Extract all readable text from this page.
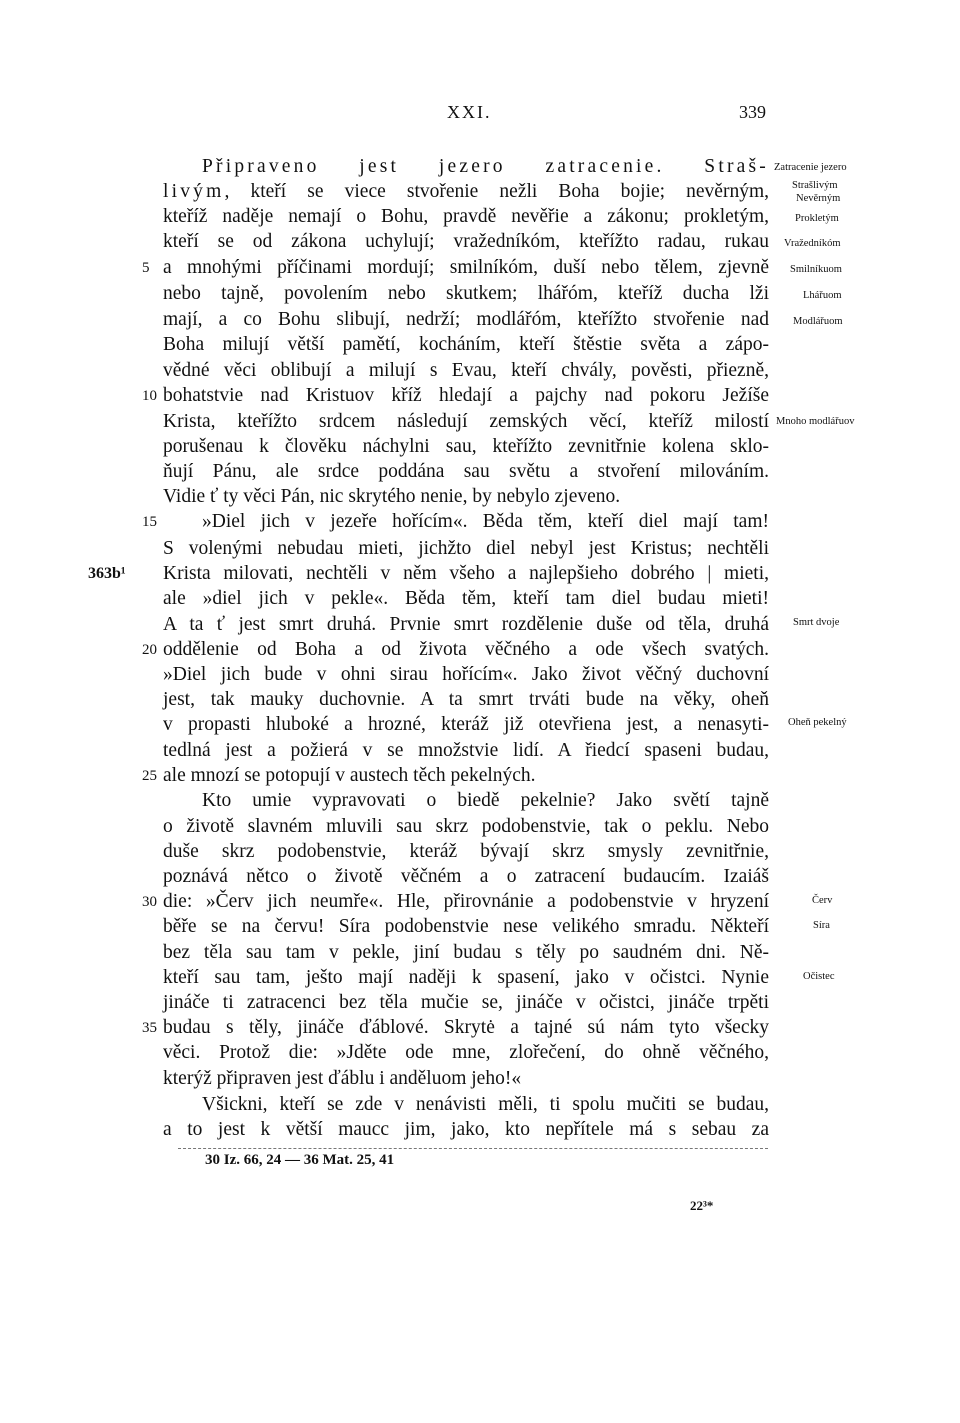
XXI.	339
Připraveno jest jezero zatracenie. Straš-
livým, kteří se viece stvořenie nežli Boha bojie; nevěrným,
kteříž naděje nemají o Bohu, pravdě nevěřie a zákonu; prokletým,
kteří se od zákona uchylují; vražedníkóm, kteřížto radau, rukau
a mnohými příčinami mordují; smilníkóm, duší nebo tělem, zjevně
nebo tajně, povolením nebo skutkem; lhářóm, kteříž ducha lži
mají, a co Bohu slibují, nedrží; modlářóm, kteřížto stvořenie nad
Boha milují větší pamětí, kocháním, kteří štěstie světa a zápo-
vědné věci oblibují a milují s Evau, kteří chvály, pověsti, přiezně,
bohatstvie nad Kristuov kříž hledají a pajchy nad pokoru Ježíše
Krista, kteřížto srdcem následují zemských věcí, kteříž milostí
porušenau k člověku náchylni sau, kteřížto zevnitřnie kolena sklo-
ňují Pánu, ale srdce poddána sau světu a stvoření milováním.
Vidie ť ty věci Pán, nic skrytého nenie, by nebylo zjeveno.
»Diel jich v jezeře hořícím«. Běda těm, kteří diel mají tam!
S volenými nebudau mieti, jichžto diel nebyl jest Kristus; nechtěli
Krista milovati, nechtěli v něm všeho a najlepšieho dobrého | mieti,
ale »diel jich v pekle«. Běda těm, kteří tam diel budau mieti!
A ta ť jest smrt druhá. Prvnie smrt rozdělenie duše od těla, druhá
oddělenie od Boha a od života věčného a ode všech svatých.
»Diel jich bude v ohni sirau hořícím«. Jako život věčný duchovní
jest, tak mauky duchovnie. A ta smrt trváti bude na věky, oheň
v propasti hluboké a hrozné, kteráž již otevřiena jest, a nenasyti-
tedlná jest a požierá v se množstvie lidí. A řiedcí spaseni budau,
ale mnozí se potopují v austech těch pekelných.
Kto umie vypravovati o biedě pekelnie? Jako světí tajně
o životě slavném mluvili sau skrz podobenstvie, tak o peklu. Nebo
duše skrz podobenstvie, kteráž bývají skrz smysly zevnitřnie,
poznává nětco o životě věčném a o zatracení budaucím. Izaiáš
die: »Červ jich neumře«. Hle, přirovnánie a podobenstvie v hryzení
běře se na červu! Síra podobenstvie nese velikého smradu. Někteří
bez těla sau tam v pekle, jiní budau s těly po saudném dni. Ně-
kteří sau tam, ješto mají naději k spasení, jako v očistci. Nynie
jináče ti zatracenci bez těla mučie se, jináče v očistci, jináče trpěti
budau s těly, jináče ďáblové. Skrytė a tajné sú nám tyto všecky
věci. Protož die: »Jděte ode mne, zlořečení, do ohně věčného,
kterýž připraven jest ďáblu i anděluom jeho!«
Všickni, kteří se zde v nenávisti měli, ti spolu mučiti se budau,
a to jest k větší maucc jim, jako, kto nepřítele má s sebau za
5
10
15
20
25
30
35
363b¹
Zatracenie jezero
Strašlivým
Nevěrným
Prokletým
Vražedníkóm
Smilníkuom
Lhářuom
Modlářuom
Mnoho modlářuov
Smrt dvoje
Oheň pekelný
Červ
Síra
Očistec
30 Iz. 66, 24 — 36 Mat. 25, 41
22³*
